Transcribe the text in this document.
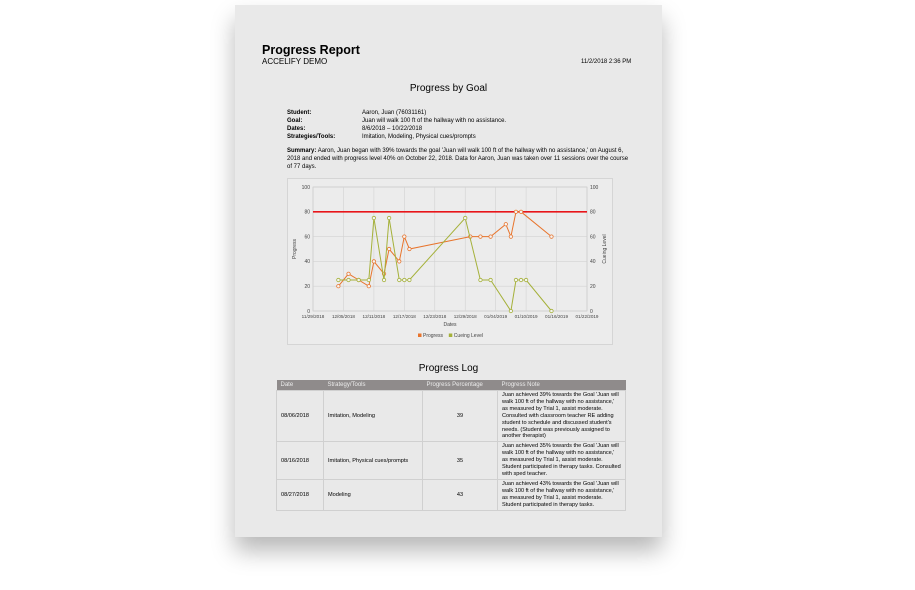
Progress Report
ACCELIFY DEMO	11/2/2018 2:36 PM
Progress by Goal
Student:	Aaron, Juan (76031161)
Goal:	Juan will walk 100 ft of the hallway with no assistance.
Dates:	8/6/2018 – 10/22/2018
Strategies/Tools:	Imitation, Modeling, Physical cues/prompts
Summary: Aaron, Juan began with 39% towards the goal 'Juan will walk 100 ft of the hallway with no assistance,' on August 6, 2018 and ended with progress level 40% on October 22, 2018. Data for Aaron, Juan was taken over 11 sessions over the course of 77 days.
0	0
20	20
40	40
60	60
80	80
100	100
11/29/2018 12/05/2018 12/11/2018 12/17/2018 12/23/2018 12/29/2018 01/04/2019 01/10/2019 01/16/2019 01/22/2019
Dates
Progress	Cueing Level
Progress Cueing Level
Progress Log
Date	Strategy/Tools	Progress Percentage	Progress Note
08/06/2018	Imitation, Modeling	39	Juan achieved 39% towards the Goal 'Juan will walk 100 ft of the hallway with no assistance,' as measured by Trial 1, assist moderate. Consulted with classroom teacher RE adding student to schedule and discussed student's needs. (Student was previously assigned to another therapist)
08/16/2018	Imitation, Physical cues/prompts	35	Juan achieved 35% towards the Goal 'Juan will walk 100 ft of the hallway with no assistance,' as measured by Trial 1, assist moderate. Student participated in therapy tasks. Consulted with sped teacher.
08/27/2018	Modeling	43	Juan achieved 43% towards the Goal 'Juan will walk 100 ft of the hallway with no assistance,' as measured by Trial 1, assist moderate. Student participated in therapy tasks.
